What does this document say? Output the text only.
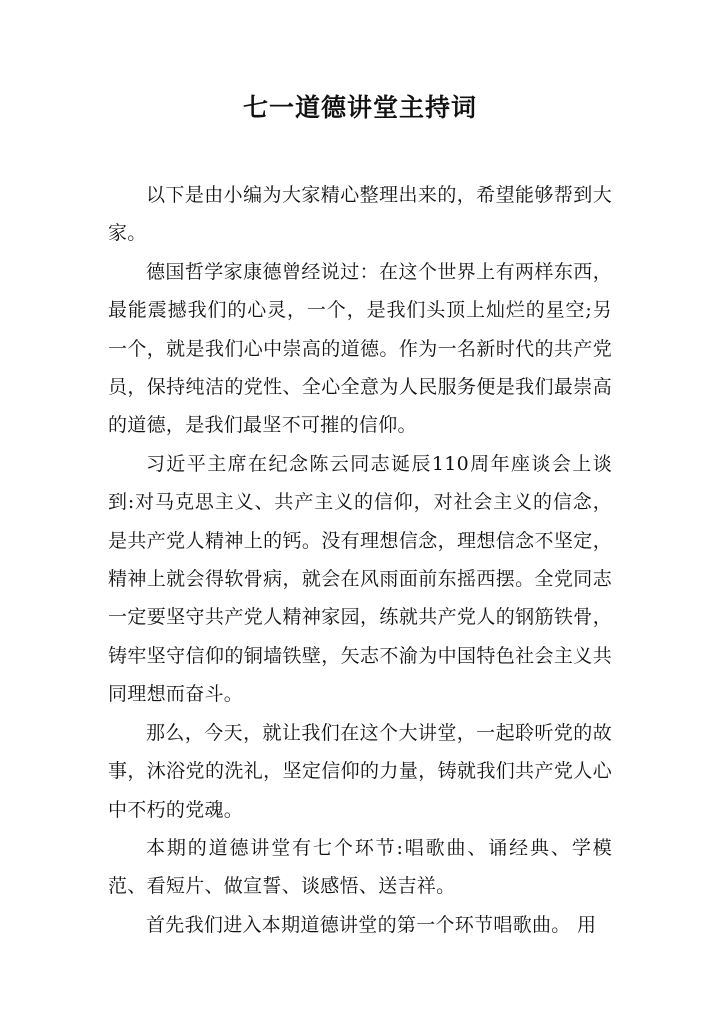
七一道德讲堂主持词

以下是由小编为大家精心整理出来的，希望能够帮到大家。

德国哲学家康德曾经说过：在这个世界上有两样东西，最能震撼我们的心灵，一个，是我们头顶上灿烂的星空;另一个，就是我们心中崇高的道德。作为一名新时代的共产党员，保持纯洁的党性、全心全意为人民服务便是我们最崇高的道德，是我们最坚不可摧的信仰。

习近平主席在纪念陈云同志诞辰110周年座谈会上谈到:对马克思主义、共产主义的信仰，对社会主义的信念，是共产党人精神上的钙。没有理想信念，理想信念不坚定，精神上就会得软骨病，就会在风雨面前东摇西摆。全党同志一定要坚守共产党人精神家园，练就共产党人的钢筋铁骨，铸牢坚守信仰的铜墙铁壁，矢志不渝为中国特色社会主义共同理想而奋斗。

那么，今天，就让我们在这个大讲堂，一起聆听党的故事，沐浴党的洗礼，坚定信仰的力量，铸就我们共产党人心中不朽的党魂。

本期的道德讲堂有七个环节:唱歌曲、诵经典、学模范、看短片、做宣誓、谈感悟、送吉祥。

首先我们进入本期道德讲堂的第一个环节唱歌曲。 用
